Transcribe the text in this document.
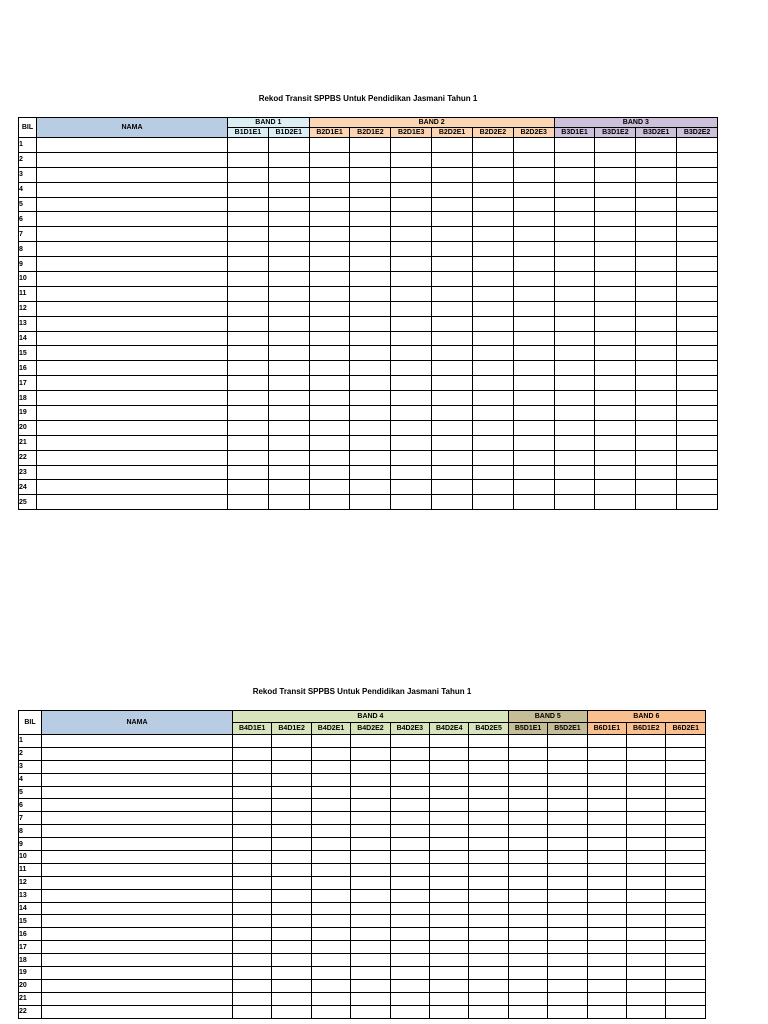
Rekod Transit SPPBS Untuk Pendidikan Jasmani Tahun 1
BIL	NAMA	BAND 1		BAND 2						BAND 3			
		B1D1E1	B1D2E1	B2D1E1	B2D1E2	B2D1E3	B2D2E1	B2D2E2	B2D2E3	B3D1E1	B3D1E2	B3D2E1	B3D2E2
1													
2													
3													
4													
5													
6													
7													
8													
9													
10													
11													
12													
13													
14													
15													
16													
17													
18													
19													
20													
21													
22													
23													
24													
25													
Rekod Transit SPPBS Untuk Pendidikan Jasmani Tahun 1
BIL	NAMA	BAND 4							BAND 5		BAND 6		
		B4D1E1	B4D1E2	B4D2E1	B4D2E2	B4D2E3	B4D2E4	B4D2E5	B5D1E1	B5D2E1	B6D1E1	B6D1E2	B6D2E1
1													
2													
3													
4													
5													
6													
7													
8													
9													
10													
11													
12													
13													
14													
15													
16													
17													
18													
19													
20													
21													
22													
